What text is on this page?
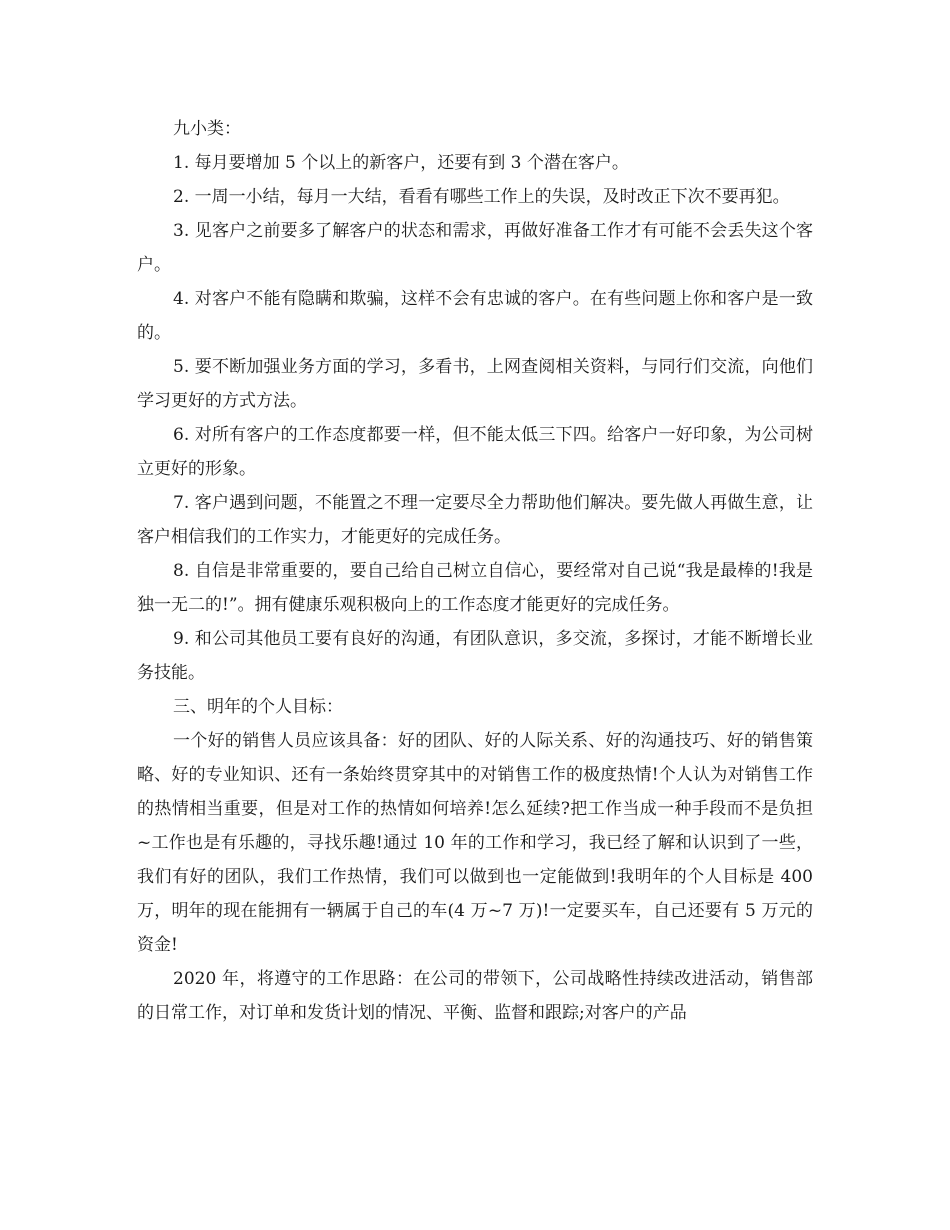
九小类：

1. 每月要增加 5 个以上的新客户，还要有到 3 个潜在客户。

2. 一周一小结，每月一大结，看看有哪些工作上的失误，及时改正下次不要再犯。

3. 见客户之前要多了解客户的状态和需求，再做好准备工作才有可能不会丢失这个客户。

4. 对客户不能有隐瞒和欺骗，这样不会有忠诚的客户。在有些问题上你和客户是一致的。

5. 要不断加强业务方面的学习，多看书，上网查阅相关资料，与同行们交流，向他们学习更好的方式方法。

6. 对所有客户的工作态度都要一样，但不能太低三下四。给客户一好印象，为公司树立更好的形象。

7. 客户遇到问题，不能置之不理一定要尽全力帮助他们解决。要先做人再做生意，让客户相信我们的工作实力，才能更好的完成任务。

8. 自信是非常重要的，要自己给自己树立自信心，要经常对自己说“我是最棒的!我是独一无二的!”。拥有健康乐观积极向上的工作态度才能更好的完成任务。

9. 和公司其他员工要有良好的沟通，有团队意识，多交流，多探讨，才能不断增长业务技能。

三、明年的个人目标：

一个好的销售人员应该具备：好的团队、好的人际关系、好的沟通技巧、好的销售策略、好的专业知识、还有一条始终贯穿其中的对销售工作的极度热情!个人认为对销售工作的热情相当重要，但是对工作的热情如何培养!怎么延续?把工作当成一种手段而不是负担~工作也是有乐趣的，寻找乐趣!通过 10 年的工作和学习，我已经了解和认识到了一些，我们有好的团队，我们工作热情，我们可以做到也一定能做到!我明年的个人目标是 400 万，明年的现在能拥有一辆属于自己的车(4 万~7 万)!一定要买车，自己还要有 5 万元的资金!

2020 年，将遵守的工作思路：在公司的带领下，公司战略性持续改进活动，销售部的日常工作，对订单和发货计划的情况、平衡、监督和跟踪;对客户的产品
